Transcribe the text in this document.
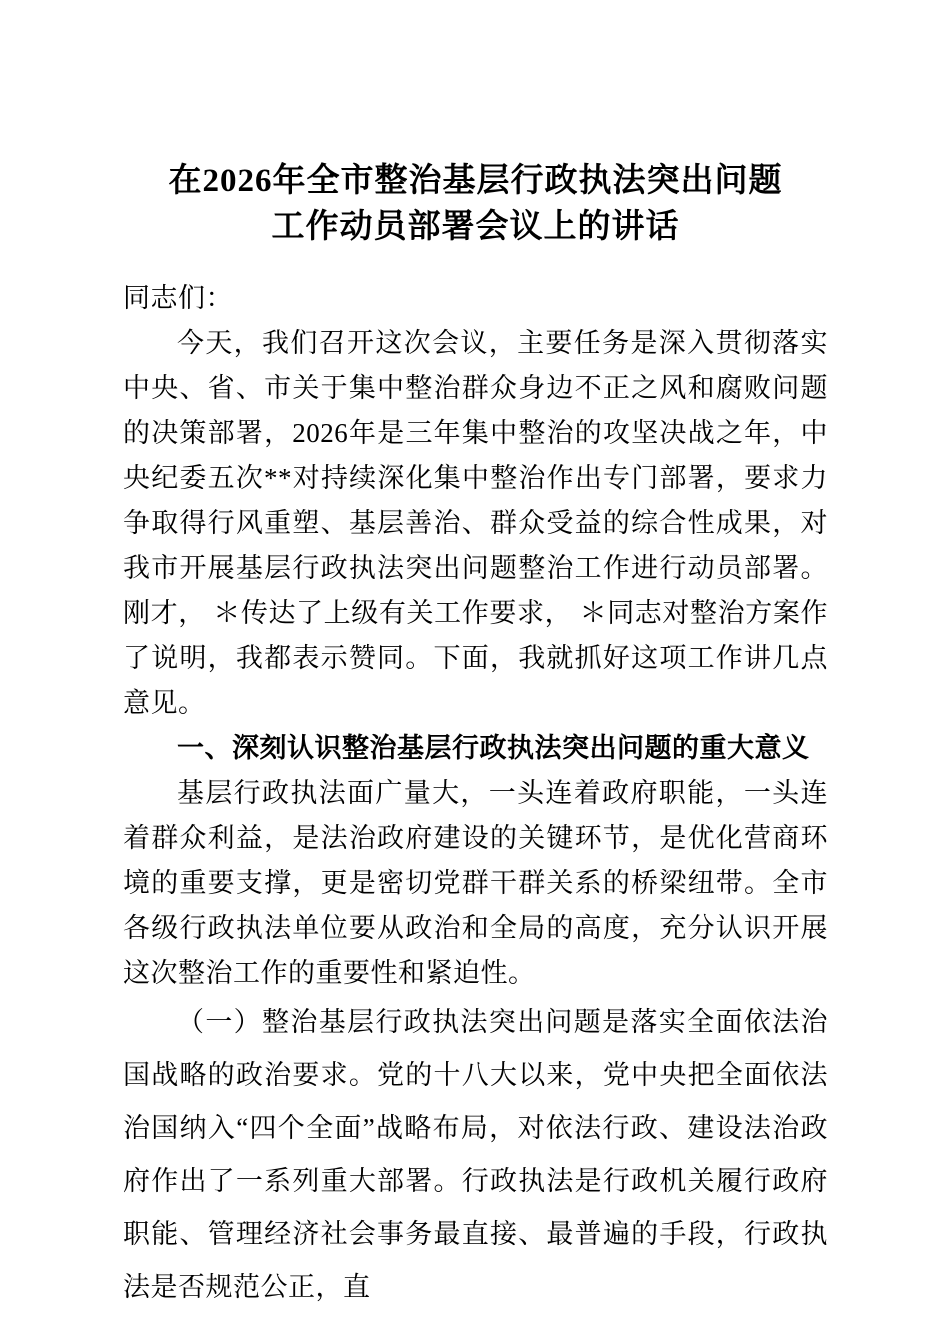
在2026年全市整治基层行政执法突出问题
工作动员部署会议上的讲话

同志们：

今天，我们召开这次会议，主要任务是深入贯彻落实中央、省、市关于集中整治群众身边不正之风和腐败问题的决策部署，2026年是三年集中整治的攻坚决战之年，中央纪委五次**对持续深化集中整治作出专门部署，要求力争取得行风重塑、基层善治、群众受益的综合性成果，对我市开展基层行政执法突出问题整治工作进行动员部署。刚才， ＊传达了上级有关工作要求， ＊同志对整治方案作了说明，我都表示赞同。下面，我就抓好这项工作讲几点意见。

一、深刻认识整治基层行政执法突出问题的重大意义

基层行政执法面广量大，一头连着政府职能，一头连着群众利益，是法治政府建设的关键环节，是优化营商环境的重要支撑，更是密切党群干群关系的桥梁纽带。全市各级行政执法单位要从政治和全局的高度，充分认识开展这次整治工作的重要性和紧迫性。

（一）整治基层行政执法突出问题是落实全面依法治国战略的政治要求。党的十八大以来，党中央把全面依法治国纳入“四个全面”战略布局，对依法行政、建设法治政府作出了一系列重大部署。行政执法是行政机关履行政府职能、管理经济社会事务最直接、最普遍的手段，行政执法是否规范公正，直
